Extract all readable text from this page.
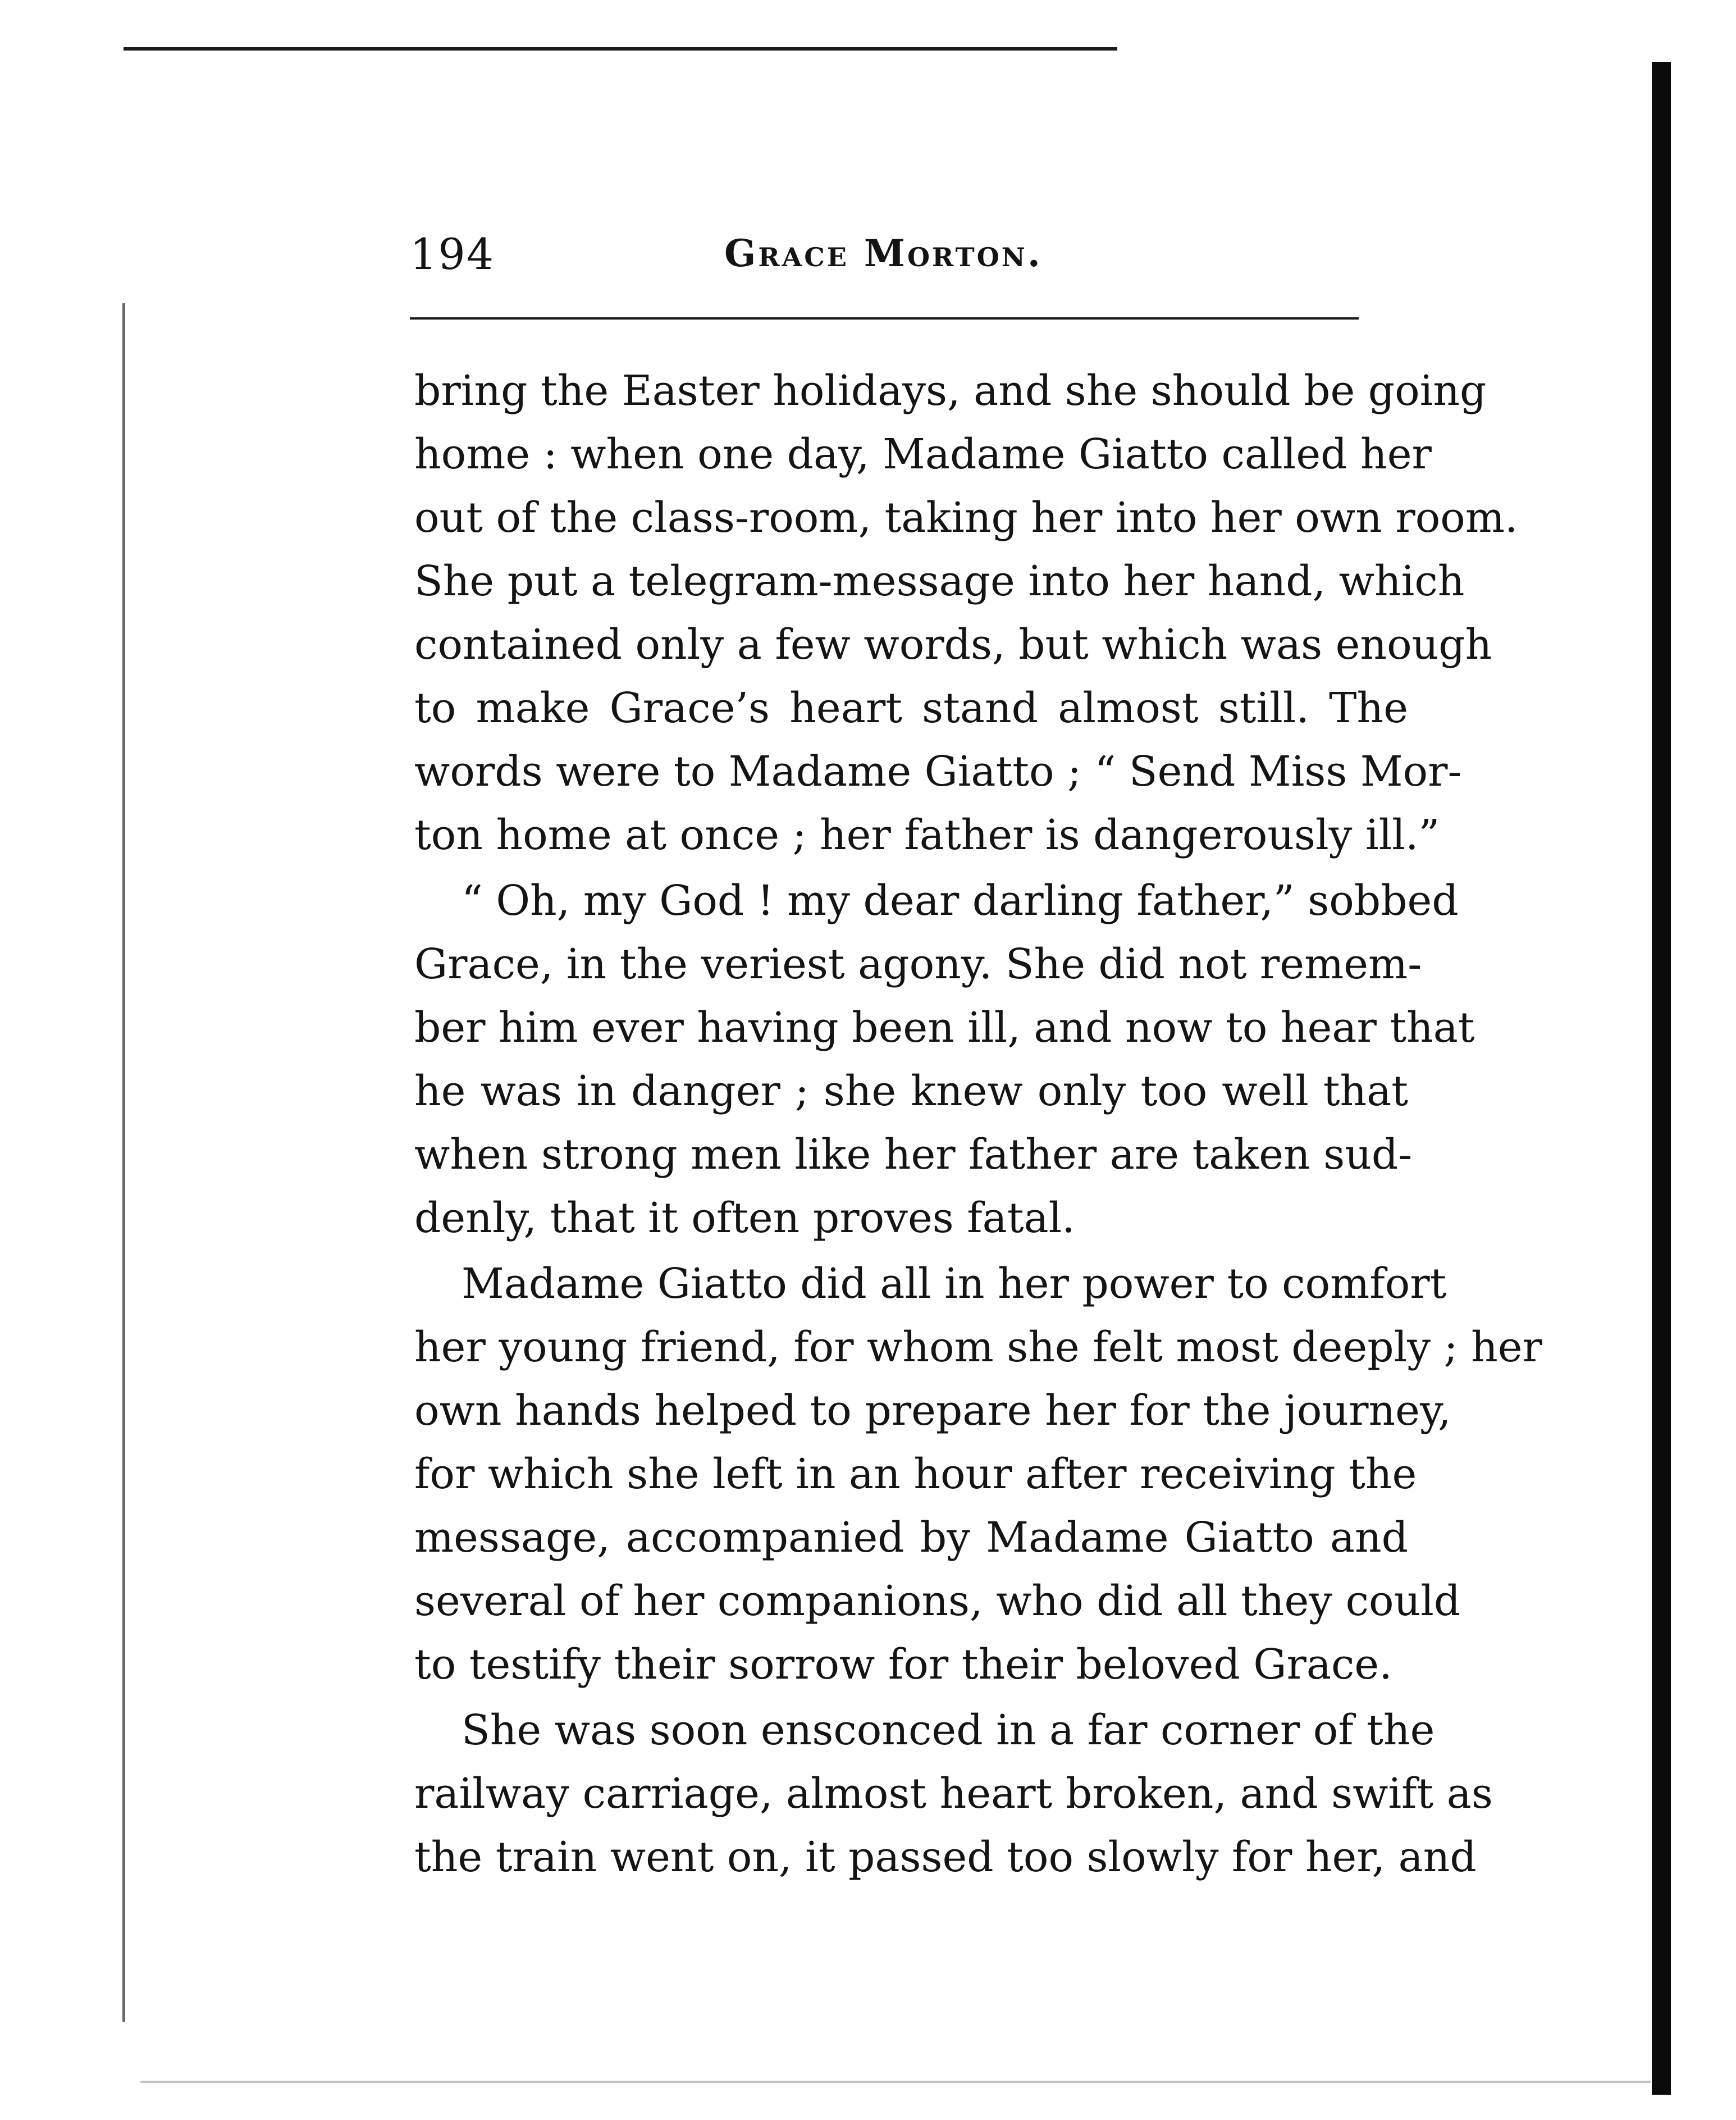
194	Grace Morton.
bring the Easter holidays, and she should be going
home : when one day, Madame Giatto called her
out of the class-room, taking her into her own room.
She put a telegram-message into her hand, which
contained only a few words, but which was enough
to make Grace’s heart stand almost still. The
words were to Madame Giatto ; “ Send Miss Mor-
ton home at once ; her father is dangerously ill.”
“ Oh, my God ! my dear darling father,” sobbed
Grace, in the veriest agony. She did not remem-
ber him ever having been ill, and now to hear that
he was in danger ; she knew only too well that
when strong men like her father are taken sud-
denly, that it often proves fatal.
Madame Giatto did all in her power to comfort
her young friend, for whom she felt most deeply ; her
own hands helped to prepare her for the journey,
for which she left in an hour after receiving the
message, accompanied by Madame Giatto and
several of her companions, who did all they could
to testify their sorrow for their beloved Grace.
She was soon ensconced in a far corner of the
railway carriage, almost heart broken, and swift as
the train went on, it passed too slowly for her, and
